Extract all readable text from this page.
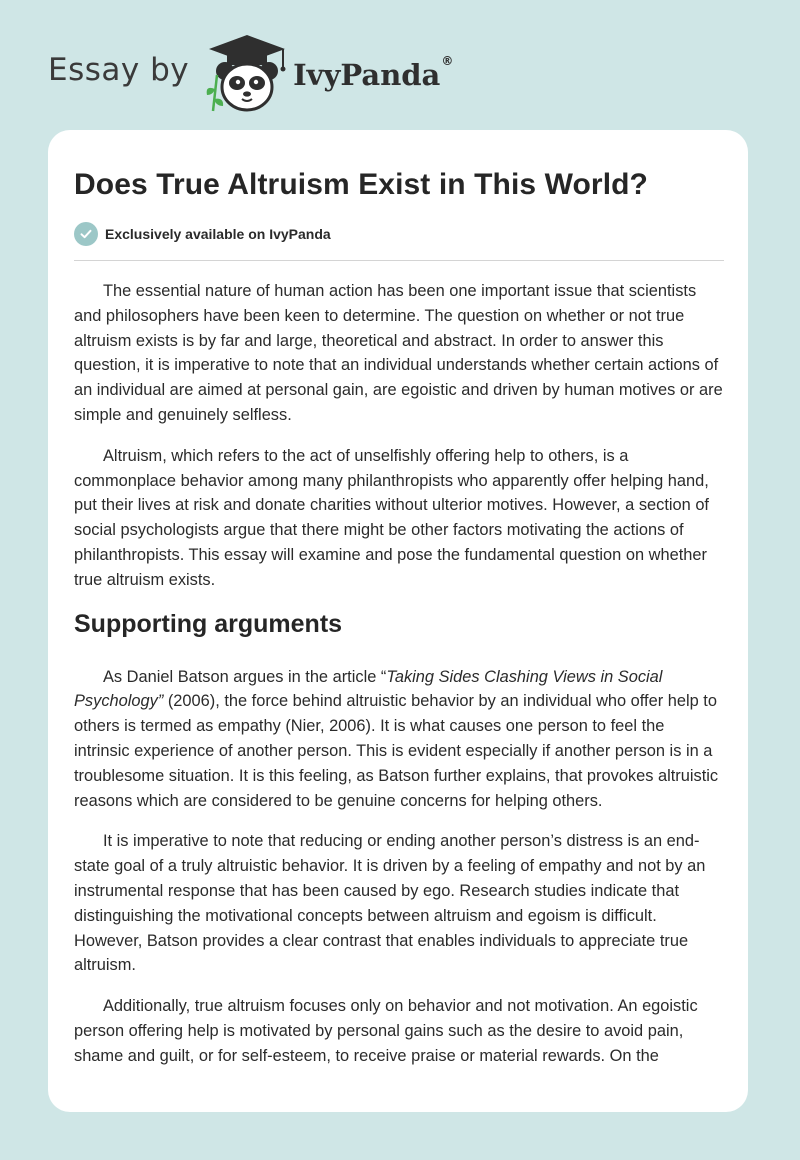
Essay by	IvyPanda®
Does True Altruism Exist in This World?
Exclusively available on IvyPanda

The essential nature of human action has been one important issue that scientists and philosophers have been keen to determine. The question on whether or not true altruism exists is by far and large, theoretical and abstract. In order to answer this question, it is imperative to note that an individual understands whether certain actions of an individual are aimed at personal gain, are egoistic and driven by human motives or are simple and genuinely selfless.

Altruism, which refers to the act of unselfishly offering help to others, is a commonplace behavior among many philanthropists who apparently offer helping hand, put their lives at risk and donate charities without ulterior motives. However, a section of social psychologists argue that there might be other factors motivating the actions of philanthropists. This essay will examine and pose the fundamental question on whether true altruism exists.

Supporting arguments

As Daniel Batson argues in the article “Taking Sides Clashing Views in Social Psychology” (2006), the force behind altruistic behavior by an individual who offer help to others is termed as empathy (Nier, 2006). It is what causes one person to feel the intrinsic experience of another person. This is evident especially if another person is in a troublesome situation. It is this feeling, as Batson further explains, that provokes altruistic reasons which are considered to be genuine concerns for helping others.

It is imperative to note that reducing or ending another person’s distress is an end-state goal of a truly altruistic behavior. It is driven by a feeling of empathy and not by an instrumental response that has been caused by ego. Research studies indicate that distinguishing the motivational concepts between altruism and egoism is difficult. However, Batson provides a clear contrast that enables individuals to appreciate true altruism.

Additionally, true altruism focuses only on behavior and not motivation. An egoistic person offering help is motivated by personal gains such as the desire to avoid pain, shame and guilt, or for self-esteem, to receive praise or material rewards. On the
